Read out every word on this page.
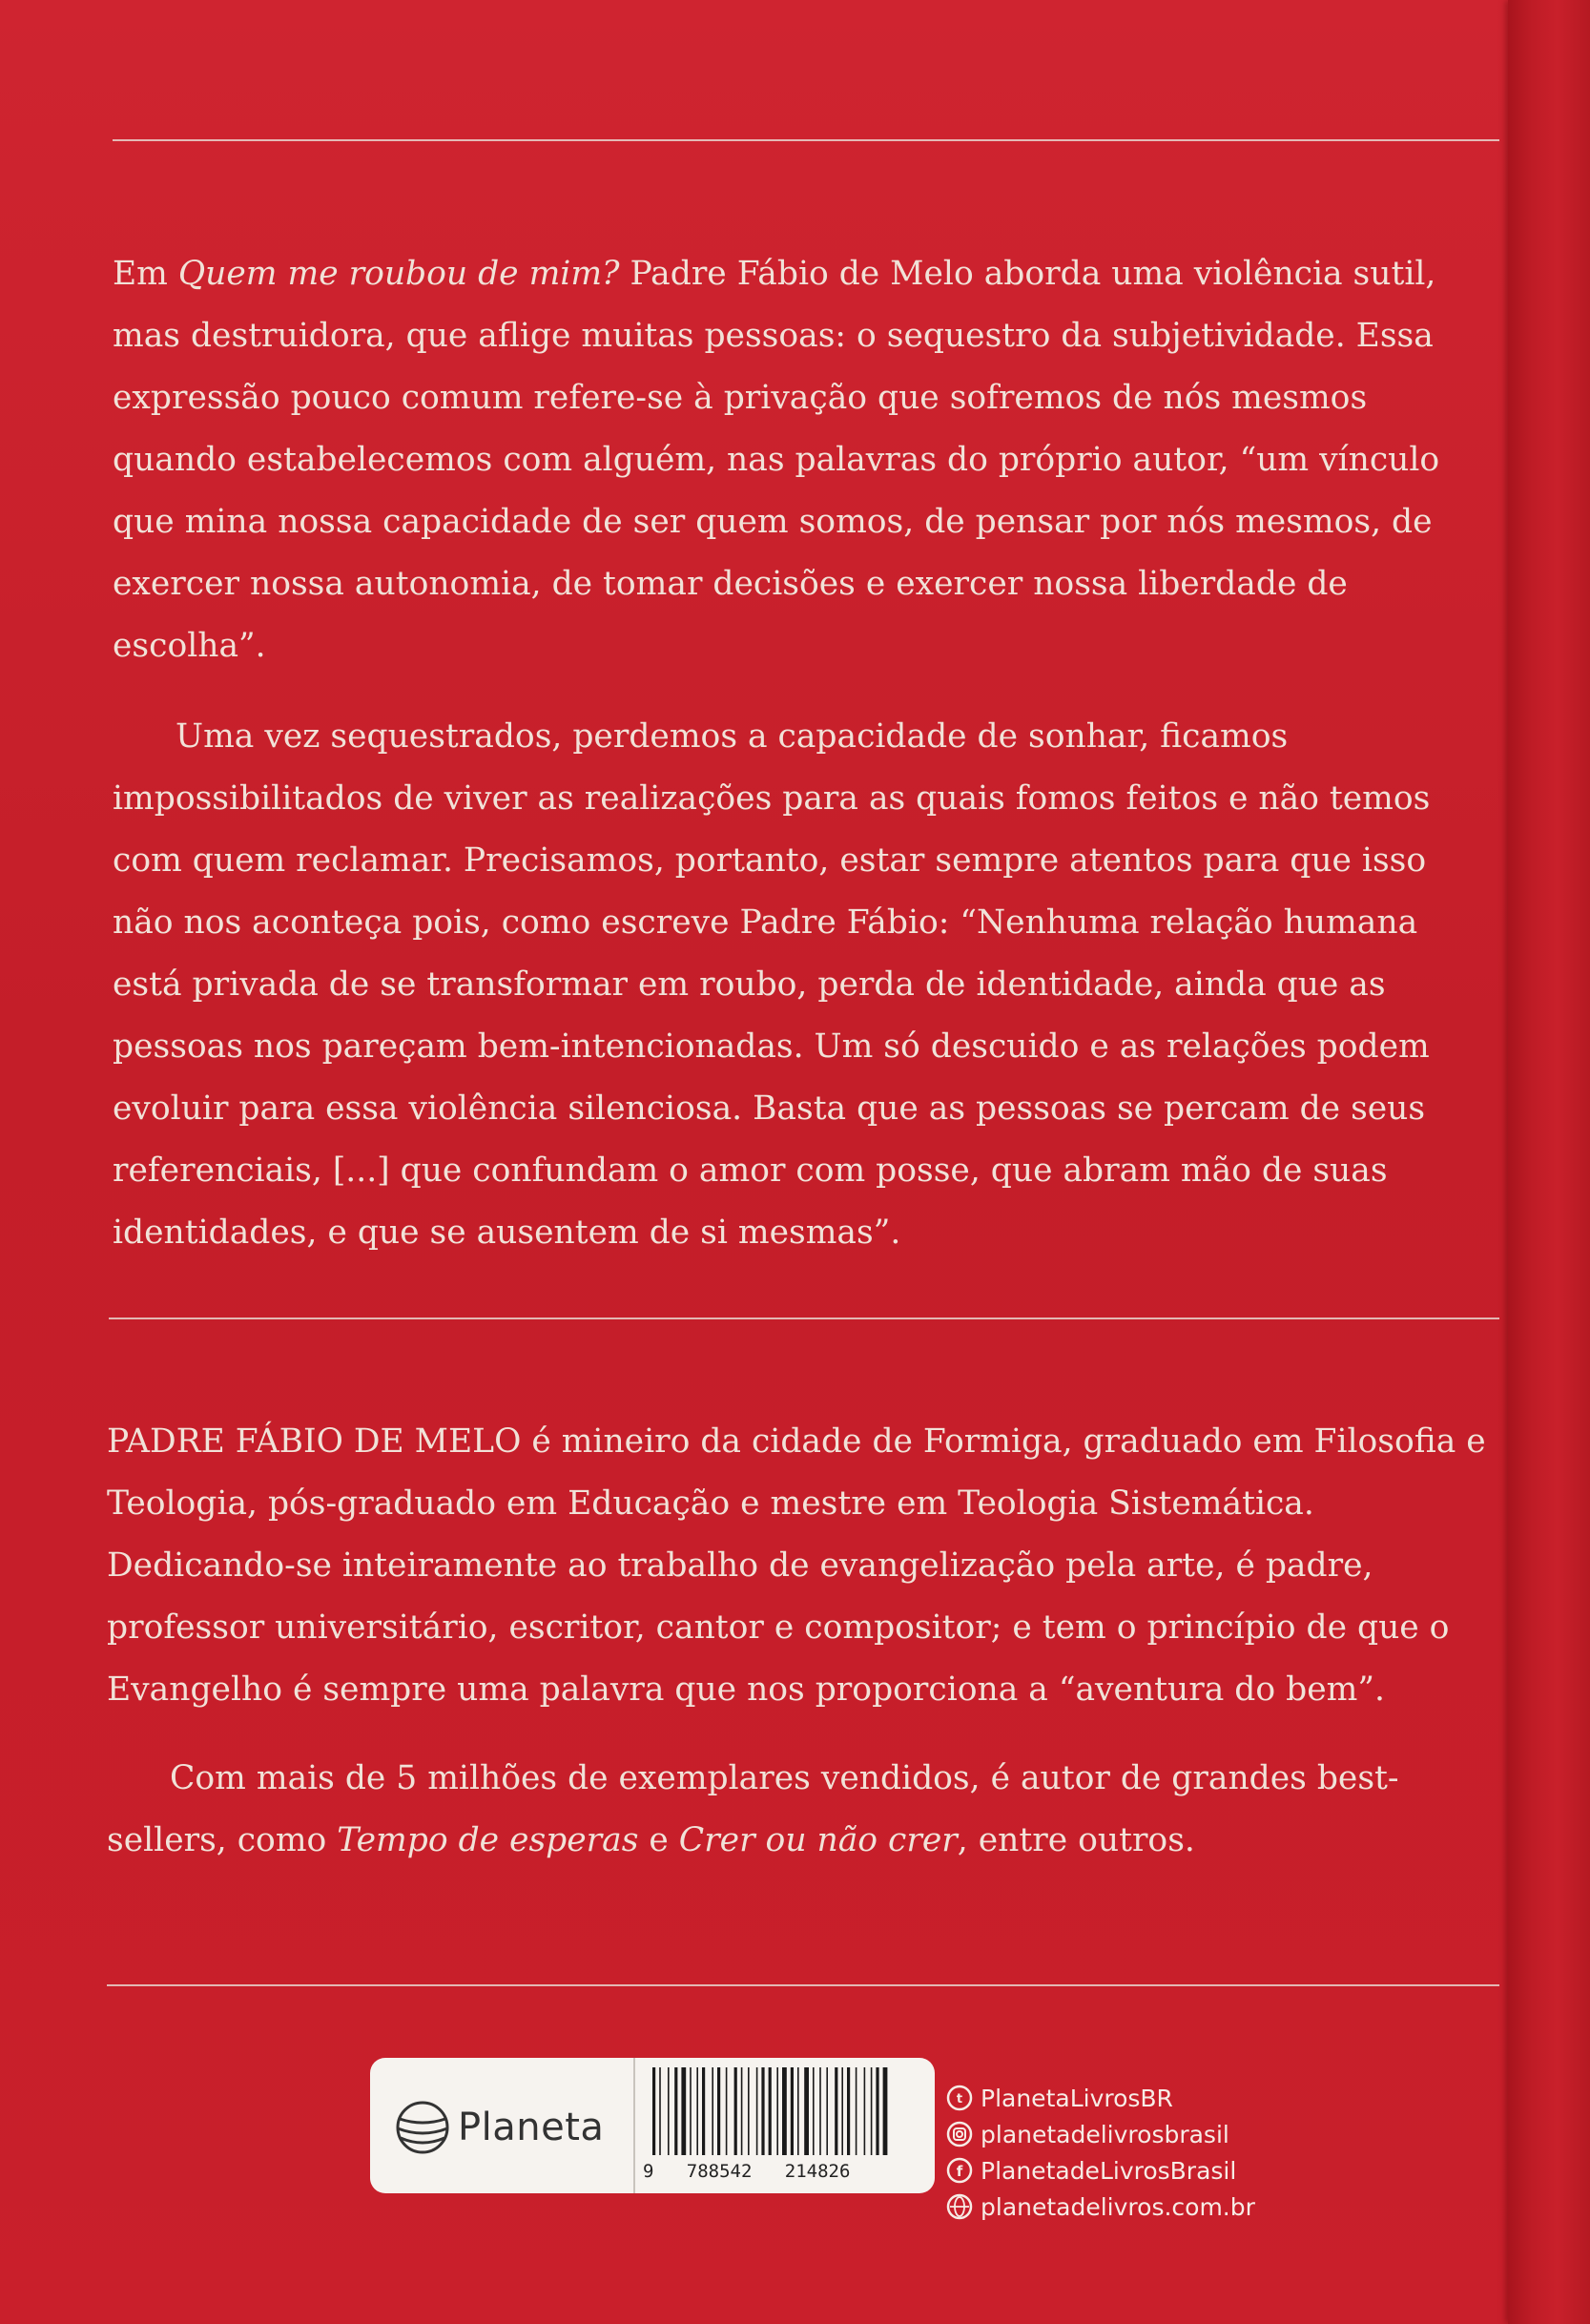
Em Quem me roubou de mim? Padre Fábio de Melo aborda uma violência sutil, mas destruidora, que aflige muitas pessoas: o sequestro da subjetividade. Essa expressão pouco comum refere-se à privação que sofremos de nós mesmos quando estabelecemos com alguém, nas palavras do próprio autor, “um vínculo que mina nossa capacidade de ser quem somos, de pensar por nós mesmos, de exercer nossa autonomia, de tomar decisões e exercer nossa liberdade de escolha”.

Uma vez sequestrados, perdemos a capacidade de sonhar, ficamos impossibilitados de viver as realizações para as quais fomos feitos e não temos com quem reclamar. Precisamos, portanto, estar sempre atentos para que isso não nos aconteça pois, como escreve Padre Fábio: “Nenhuma relação humana está privada de se transformar em roubo, perda de identidade, ainda que as pessoas nos pareçam bem-intencionadas. Um só descuido e as relações podem evoluir para essa violência silenciosa. Basta que as pessoas se percam de seus referenciais, [...] que confundam o amor com posse, que abram mão de suas identidades, e que se ausentem de si mesmas”.

PADRE FÁBIO DE MELO é mineiro da cidade de Formiga, graduado em Filosofia e Teologia, pós-graduado em Educação e mestre em Teologia Sistemática. Dedicando-se inteiramente ao trabalho de evangelização pela arte, é padre, professor universitário, escritor, cantor e compositor; e tem o princípio de que o Evangelho é sempre uma palavra que nos proporciona a “aventura do bem”.

Com mais de 5 milhões de exemplares vendidos, é autor de grandes best-sellers, como Tempo de esperas e Crer ou não crer, entre outros.

Planeta
9 788542 214826
t PlanetaLivrosBR
planetadelivrosbrasil
f PlanetadeLivrosBrasil
planetadelivros.com.br
